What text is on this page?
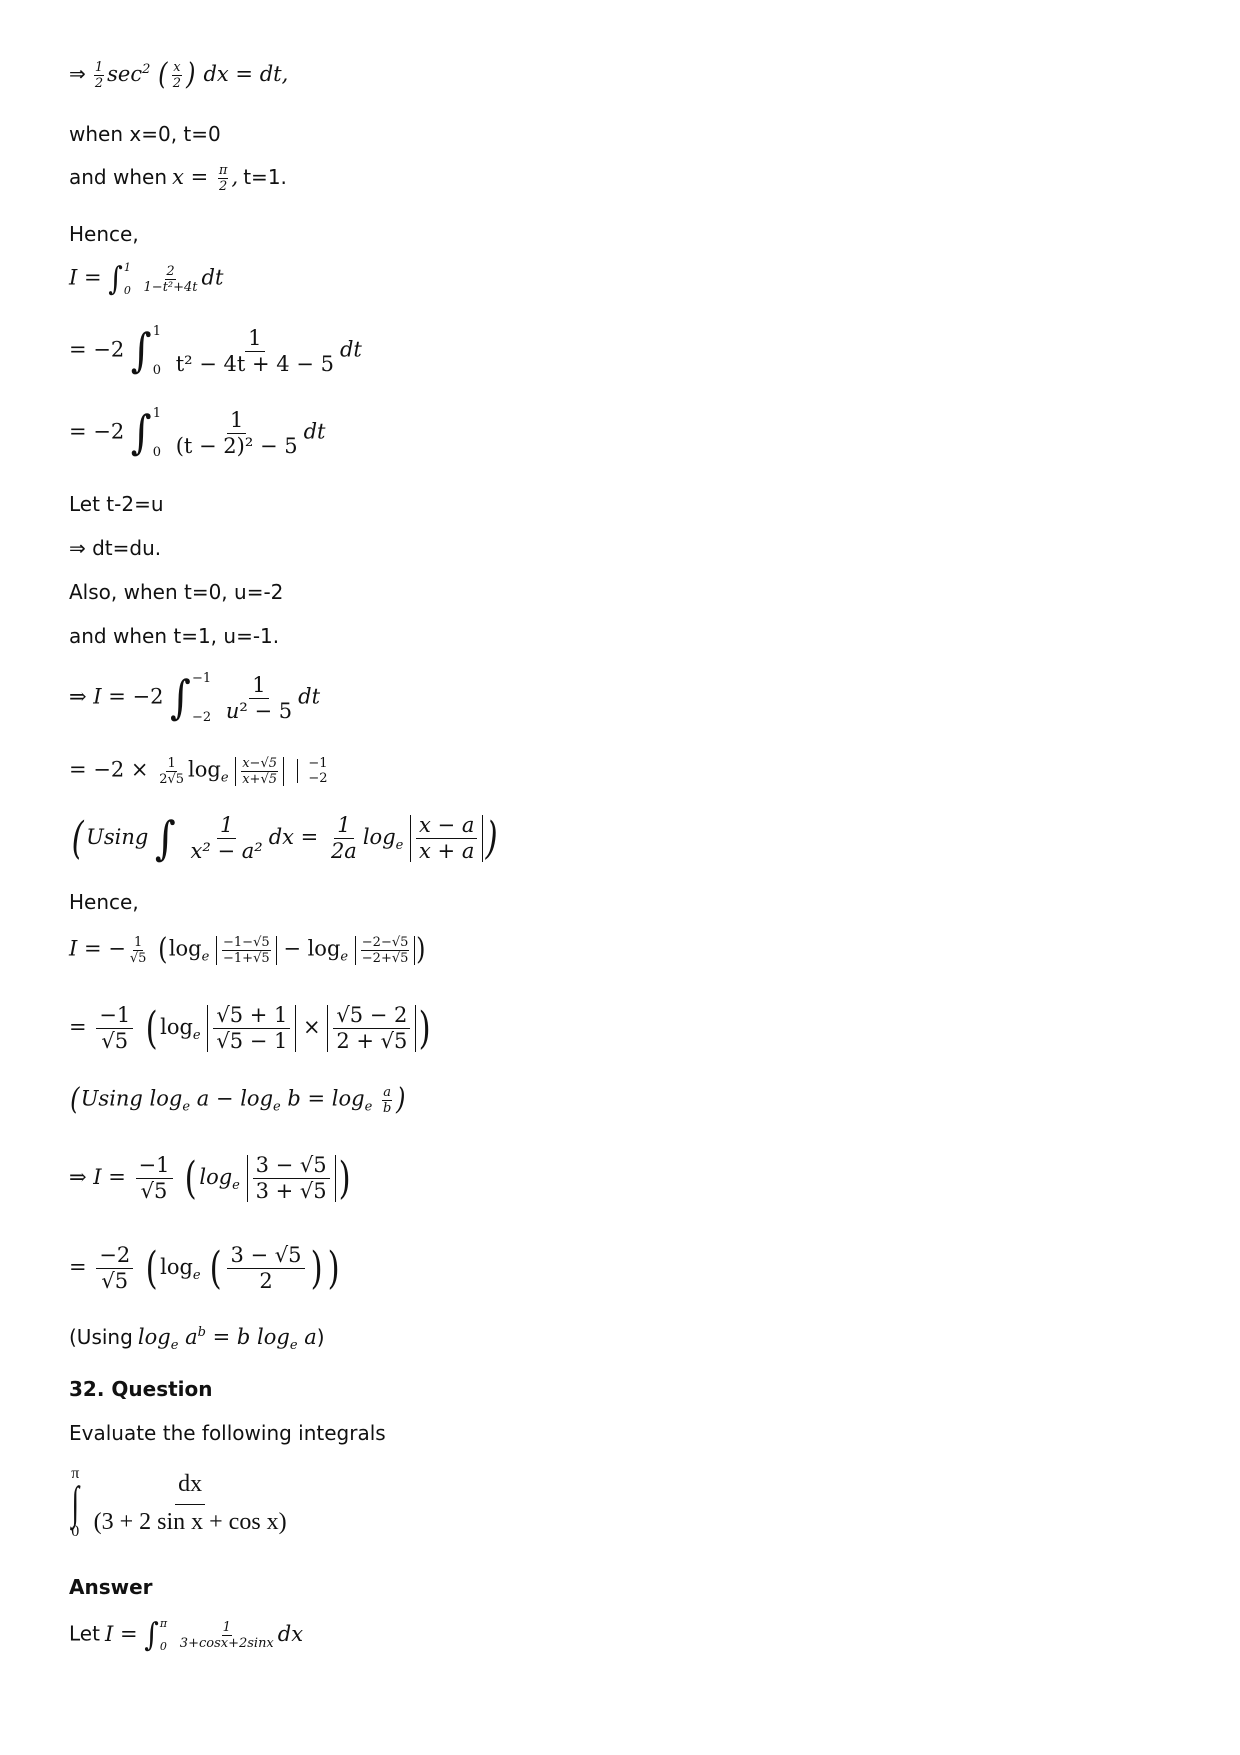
⇒ $\frac{1}{2} \sec^2$ ( $\frac{x}{2}$ ) dx = dt,
when x=0, t=0
and when $x = \frac{\pi}{2}$ , t=1.
Hence,
I = ∫ 1
0
$\frac{2}{\text{1−t²+4t}}$ dt
= −2 ∫ 1
0
$\frac{1}{\text{t² − 4t + 4 − 5}}$ dt
= −2 ∫ 1
0
$\frac{1}{\text{(t − 2)² − 5}}$ dt
Let t-2=u
⇒ dt=du.
Also, when t=0, u=-2
and when t=1, u=-1.
⇒ I = −2 ∫ −1
−2
$\frac{1}{\text{u² − 5}}$ dt
= $-2 \times \frac{1}{2√5} \log_e \frac{x-√5}{x+√5}$
−1
−2
( Using ∫
$\frac{1}{\text{x² − a²}}$ dx = $\frac{1}{2a} \log_e \frac{x - a}{x + a}$ )
Hence,
I = − $\frac{1}{√5} (\log_e \frac{-1-√5}{-1+√5} - \log_e \frac{-2-√5}{-2+√5}$ )
= $\frac{-1}{√5}$ ( $\log_e \frac{√5 + 1}{√5 - 1} \times \frac{√5 - 2}{2 + √5}$ )
(Using $\log_e a - \log_e b = \log_e \frac{a}{b}$ )
⇒ $I = \frac{-1}{√5}$ ( $\log_e \frac{3 - √5}{3 + √5}$ )
= $\frac{-2}{√5}$ ( $\log_e$ ( $\frac{3 - √5}{2}$ ) )
(Using $\log_e a^b = b$ $\log_e a$)
32. Question
Evaluate the following integrals
π
∫
0
$\frac{dx}{\text{(3 + 2 sin x + cos x)}}$
Answer
Let I = ∫ π
0
$\frac{1}{3+\cos x+2\sin x}$ dx
